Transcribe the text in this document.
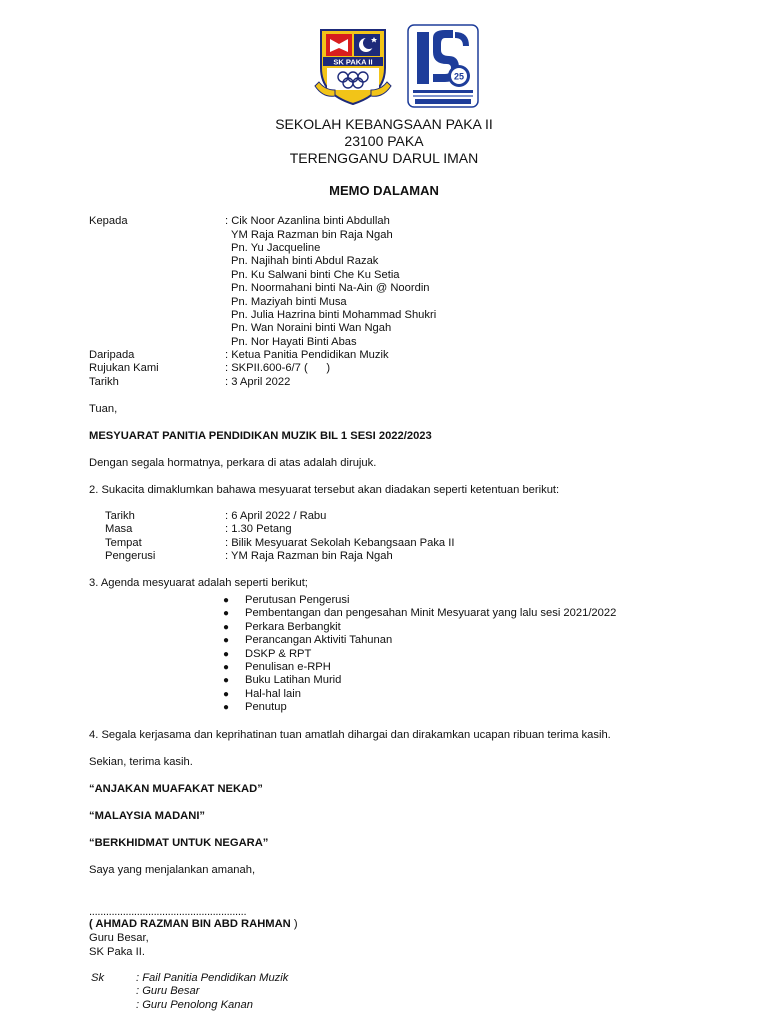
SK PAKA II
25
SEKOLAH KEBANGSAAN PAKA II
23100 PAKA
TERENGGANU DARUL IMAN
MEMO DALAMAN
Kepada	: Cik Noor Azanlina binti Abdullah
YM Raja Razman bin Raja Ngah
Pn. Yu Jacqueline
Pn. Najihah binti Abdul Razak
Pn. Ku Salwani binti Che Ku Setia
Pn. Noormahani binti Na-Ain @ Noordin
Pn. Maziyah binti Musa
Pn. Julia Hazrina binti Mohammad Shukri
Pn. Wan Noraini binti Wan Ngah
Pn. Nor Hayati Binti Abas
Daripada	: Ketua Panitia Pendidikan Muzik
Rujukan Kami	: SKPII.600-6/7 (      )
Tarikh	: 3 April 2022
Tuan,
MESYUARAT PANITIA PENDIDIKAN MUZIK BIL 1 SESI 2022/2023
Dengan segala hormatnya, perkara di atas adalah dirujuk.
2. Sukacita dimaklumkan bahawa mesyuarat tersebut akan diadakan seperti ketentuan berikut:
Tarikh	: 6 April 2022 / Rabu
Masa	: 1.30 Petang
Tempat	: Bilik Mesyuarat Sekolah Kebangsaan Paka II
Pengerusi	: YM Raja Razman bin Raja Ngah
3. Agenda mesyuarat adalah seperti berikut;
● Perutusan Pengerusi
● Pembentangan dan pengesahan Minit Mesyuarat yang lalu sesi 2021/2022
● Perkara Berbangkit
● Perancangan Aktiviti Tahunan
● DSKP & RPT
● Penulisan e-RPH
● Buku Latihan Murid
● Hal-hal lain
● Penutup
4. Segala kerjasama dan keprihatinan tuan amatlah dihargai dan dirakamkan ucapan ribuan terima kasih.
Sekian, terima kasih.
“ANJAKAN MUAFAKAT NEKAD”
“MALAYSIA MADANI”
“BERKHIDMAT UNTUK NEGARA”
Saya yang menjalankan amanah,
........................................................
( AHMAD RAZMAN BIN ABD RAHMAN )
Guru Besar,
SK Paka II.
Sk	: Fail Panitia Pendidikan Muzik
: Guru Besar
: Guru Penolong Kanan
